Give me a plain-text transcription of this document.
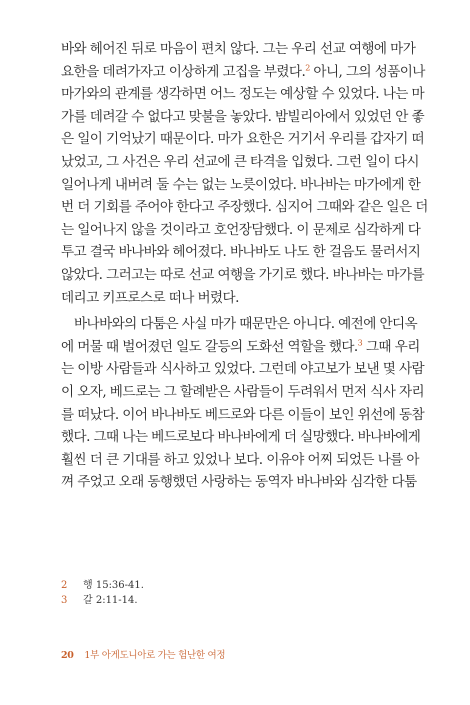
바와 헤어진 뒤로 마음이 편치 않다. 그는 우리 선교 여행에 마가
요한을 데려가자고 이상하게 고집을 부렸다.$^2$ 아니, 그의 성품이나
마가와의 관계를 생각하면 어느 정도는 예상할 수 있었다. 나는 마
가를 데려갈 수 없다고 맞불을 놓았다. 밤빌리아에서 있었던 안 좋
은 일이 기억났기 때문이다. 마가 요한은 거기서 우리를 갑자기 떠
났었고, 그 사건은 우리 선교에 큰 타격을 입혔다. 그런 일이 다시
일어나게 내버려 둘 수는 없는 노릇이었다. 바나바는 마가에게 한
번 더 기회를 주어야 한다고 주장했다. 심지어 그때와 같은 일은 더
는 일어나지 않을 것이라고 호언장담했다. 이 문제로 심각하게 다
투고 결국 바나바와 헤어졌다. 바나바도 나도 한 걸음도 물러서지
않았다. 그러고는 따로 선교 여행을 가기로 했다. 바나바는 마가를
데리고 키프로스로 떠나 버렸다.
바나바와의 다툼은 사실 마가 때문만은 아니다. 예전에 안디옥
에 머물 때 벌어졌던 일도 갈등의 도화선 역할을 했다.$^3$ 그때 우리
는 이방 사람들과 식사하고 있었다. 그런데 야고보가 보낸 몇 사람
이 오자, 베드로는 그 할례받은 사람들이 두려워서 먼저 식사 자리
를 떠났다. 이어 바나바도 베드로와 다른 이들이 보인 위선에 동참
했다. 그때 나는 베드로보다 바나바에게 더 실망했다. 바나바에게
훨씬 더 큰 기대를 하고 있었나 보다. 이유야 어찌 되었든 나를 아
껴 주었고 오래 동행했던 사랑하는 동역자 바나바와 심각한 다툼
2	행 15:36-41.
3	갈 2:11-14.
20 1부 아게도니아로 가는 험난한 여정
